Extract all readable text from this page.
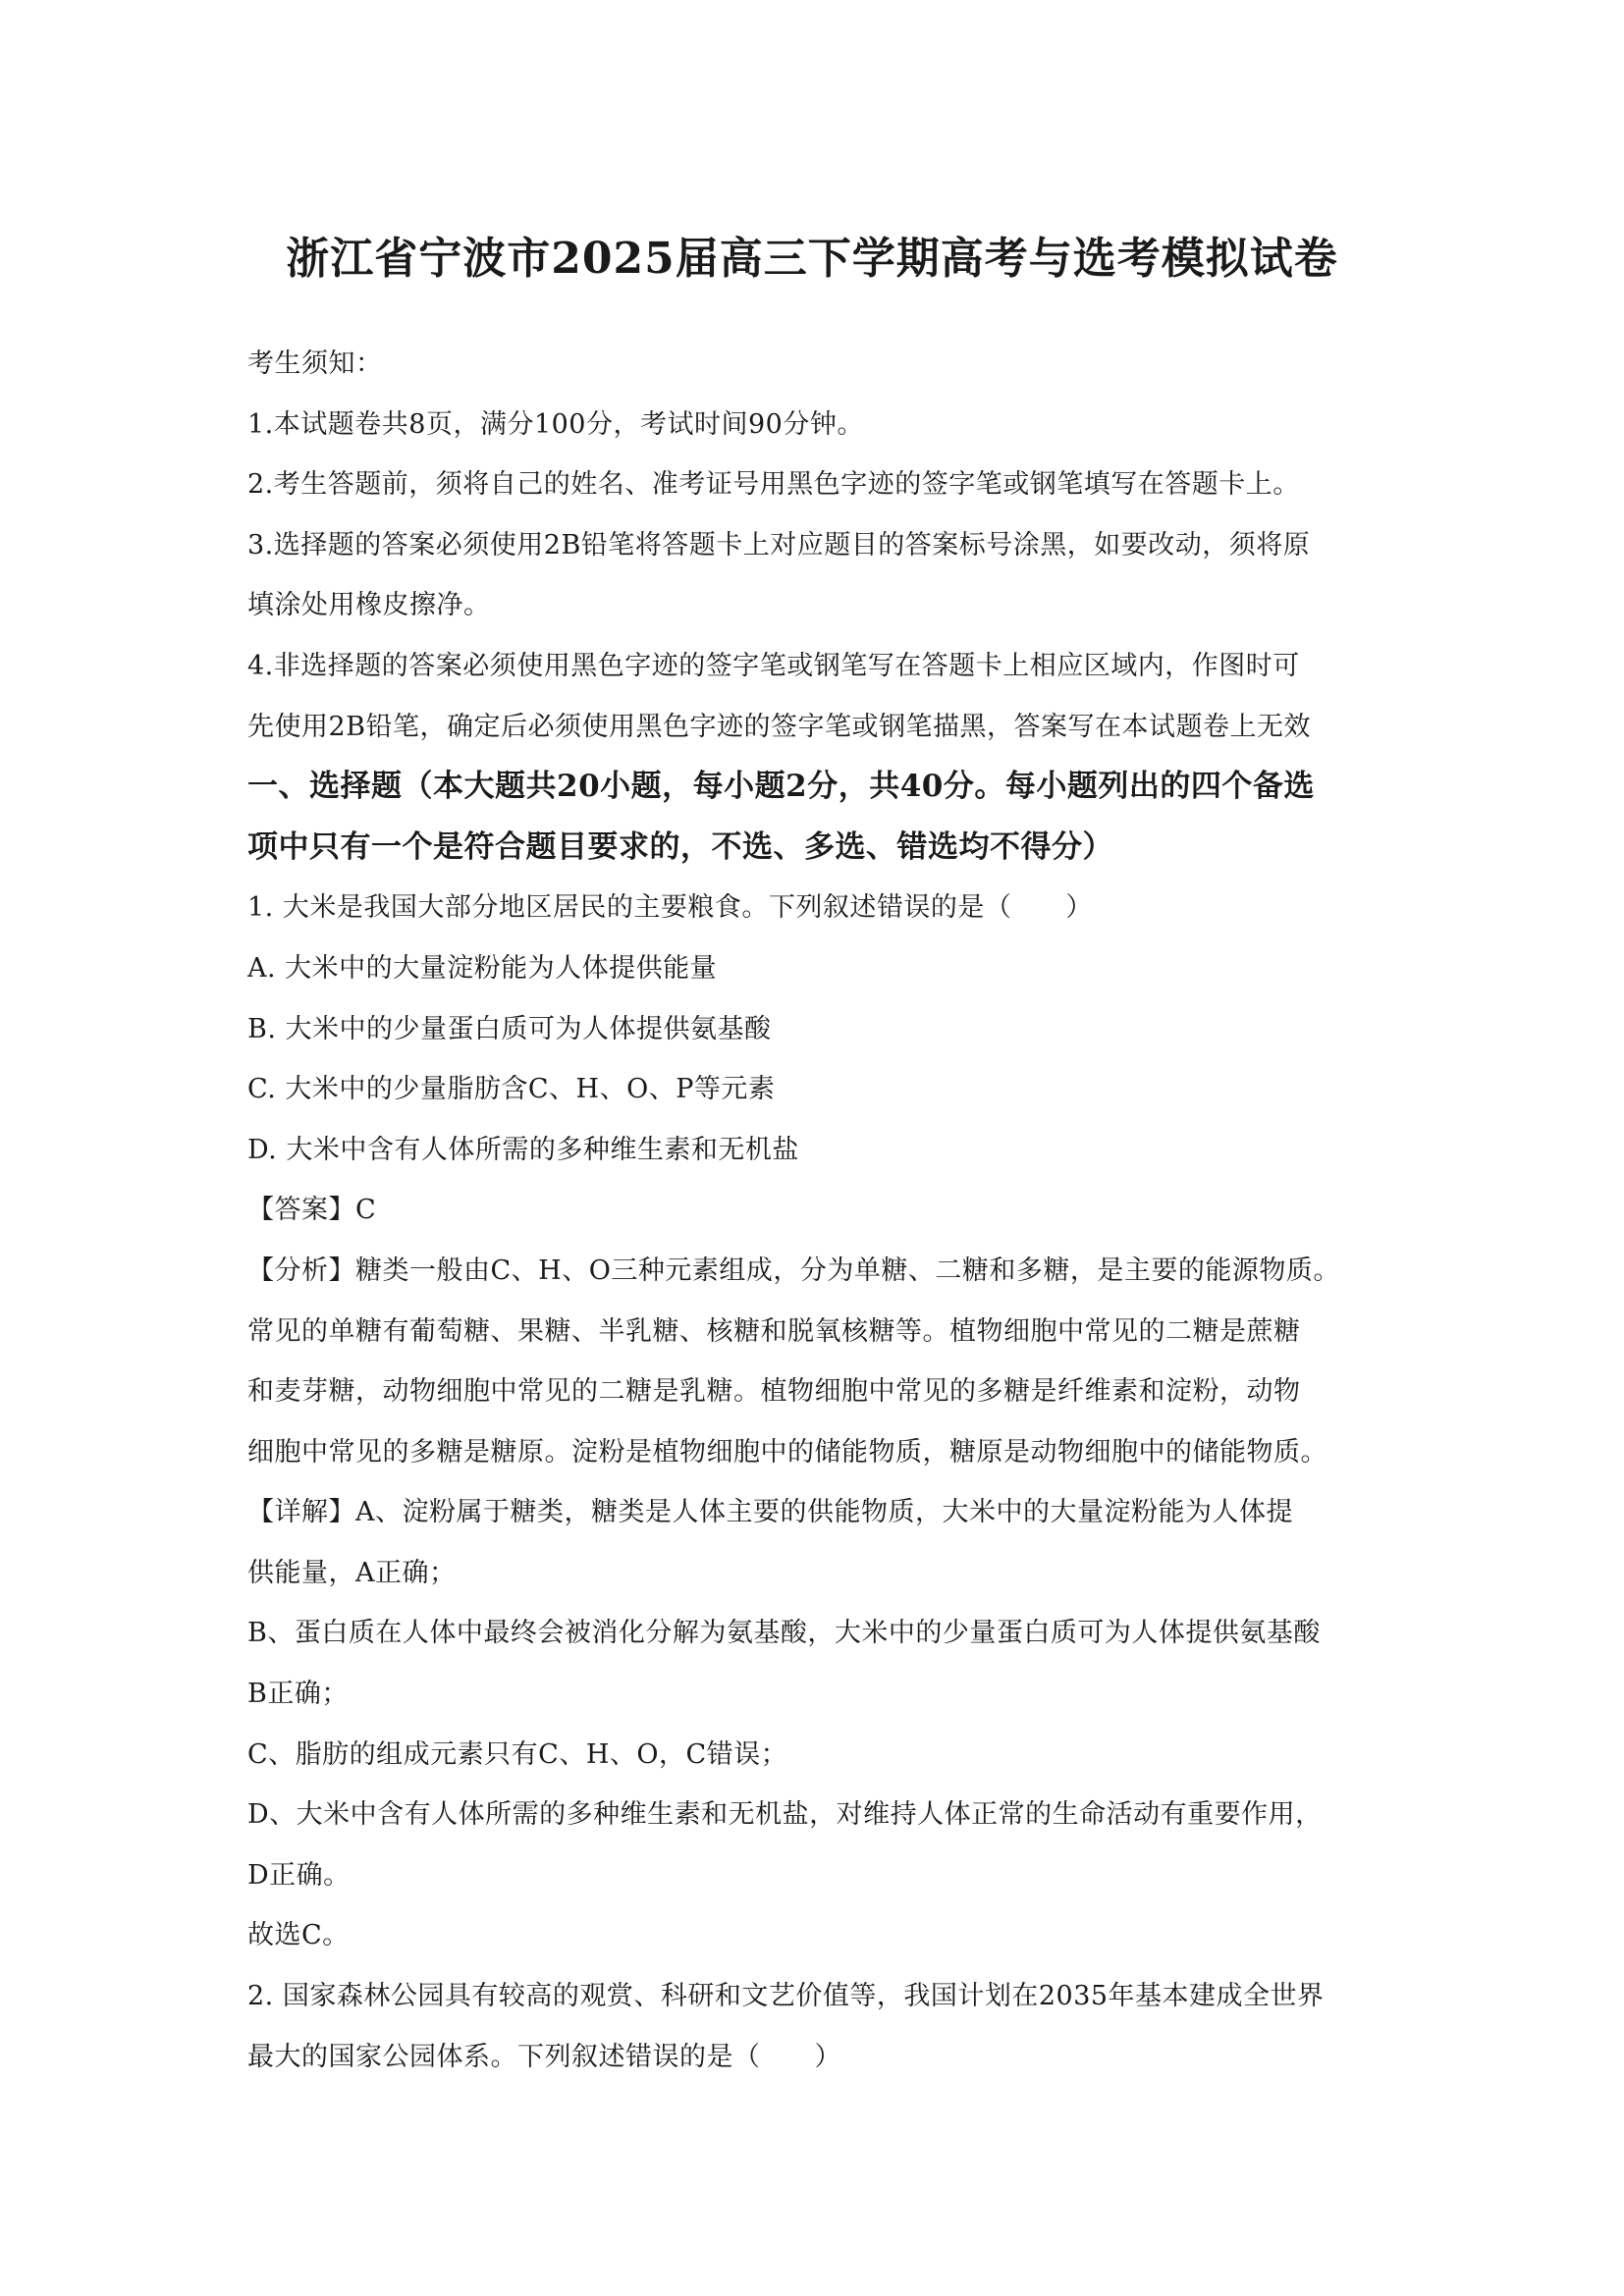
浙江省宁波市2025届高三下学期高考与选考模拟试卷
考生须知：
1.本试题卷共8页，满分100分，考试时间90分钟。
2.考生答题前，须将自己的姓名、准考证号用黑色字迹的签字笔或钢笔填写在答题卡上。
3.选择题的答案必须使用2B铅笔将答题卡上对应题目的答案标号涂黑，如要改动，须将原
填涂处用橡皮擦净。
4.非选择题的答案必须使用黑色字迹的签字笔或钢笔写在答题卡上相应区域内，作图时可
先使用2B铅笔，确定后必须使用黑色字迹的签字笔或钢笔描黑，答案写在本试题卷上无效
一、选择题（本大题共20小题，每小题2分，共40分。每小题列出的四个备选
项中只有一个是符合题目要求的，不选、多选、错选均不得分）
1. 大米是我国大部分地区居民的主要粮食。下列叙述错误的是（　　）
A. 大米中的大量淀粉能为人体提供能量
B. 大米中的少量蛋白质可为人体提供氨基酸
C. 大米中的少量脂肪含C、H、O、P等元素
D. 大米中含有人体所需的多种维生素和无机盐
【答案】C
【分析】糖类一般由C、H、O三种元素组成，分为单糖、二糖和多糖，是主要的能源物质。
常见的单糖有葡萄糖、果糖、半乳糖、核糖和脱氧核糖等。植物细胞中常见的二糖是蔗糖
和麦芽糖，动物细胞中常见的二糖是乳糖。植物细胞中常见的多糖是纤维素和淀粉，动物
细胞中常见的多糖是糖原。淀粉是植物细胞中的储能物质，糖原是动物细胞中的储能物质。
【详解】A、淀粉属于糖类，糖类是人体主要的供能物质，大米中的大量淀粉能为人体提
供能量，A正确；
B、蛋白质在人体中最终会被消化分解为氨基酸，大米中的少量蛋白质可为人体提供氨基酸
B正确；
C、脂肪的组成元素只有C、H、O，C错误；
D、大米中含有人体所需的多种维生素和无机盐，对维持人体正常的生命活动有重要作用，
D正确。
故选C。
2. 国家森林公园具有较高的观赏、科研和文艺价值等，我国计划在2035年基本建成全世界
最大的国家公园体系。下列叙述错误的是（　　）
